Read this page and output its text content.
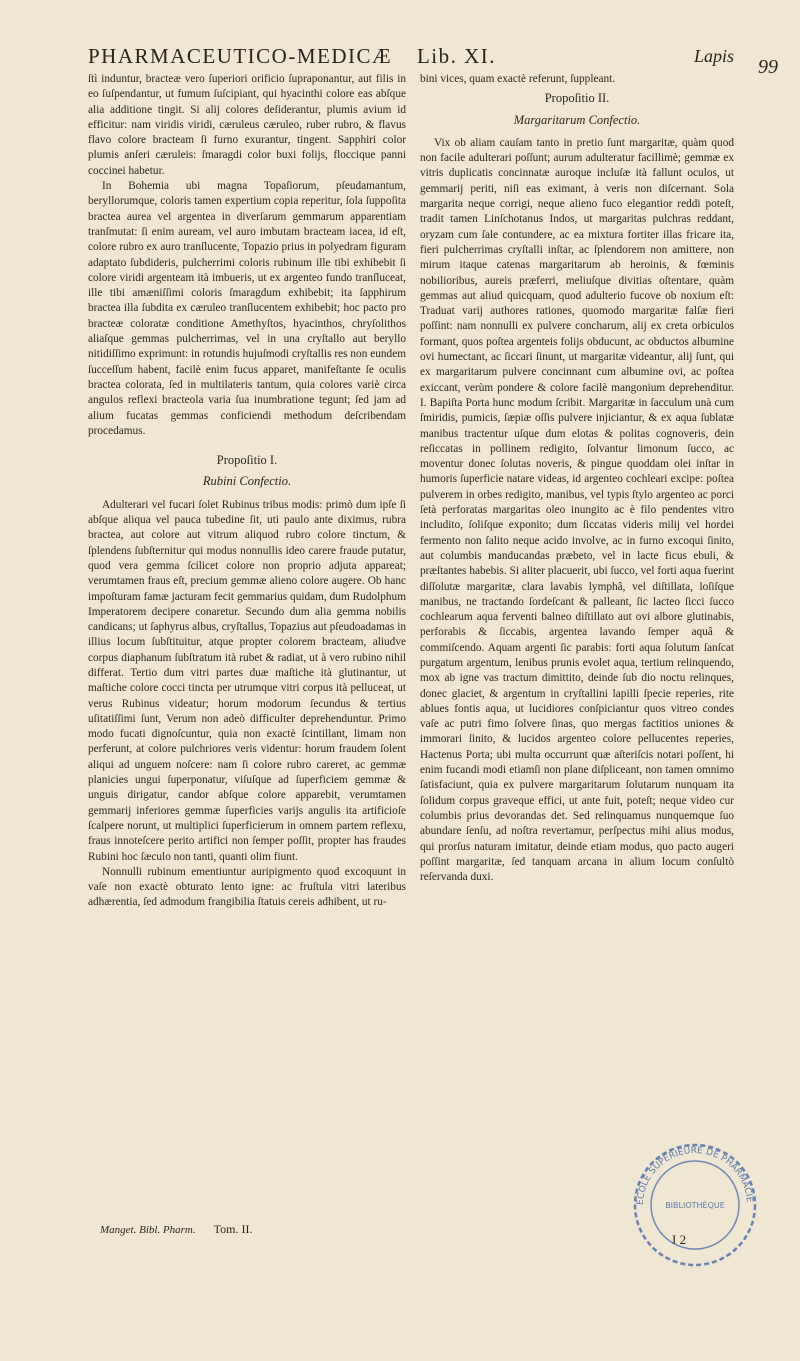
PHARMACEUTICO-MEDICÆ Lib. XI.	Lapis 99

ſtì induntur, bracteæ vero ſuperiori orificio ſupraponantur, aut filis in eo ſuſpendantur, ut fumum ſuſcipiant, qui hyacinthi colore eas abſque alia additione tingit. Si alij colores deſiderantur, plumis avium id efficitur: nam viridis viridi, cæruleus cæruleo, ruber rubro, & flavus flavo colore bracteam ſi furno exurantur, tingent. Sapphiri color plumis anſeri cæruleis: ſmaragdi color buxi folijs, floccique panni coccinei habetur.

In Bohemia ubi magna Topaſiorum, pſeudamantum, beryllorumque, coloris tamen expertium copia reperitur, ſola ſuppoſita bractea aurea vel argentea in diverſarum gemmarum apparentiam tranſmutat: ſi enim auream, vel auro imbutam bracteam iacea, id eſt, colore rubro ex auro tranſlucente, Topazio prius in polyedram figuram adaptato ſubdideris, pulcherrimi coloris rubinum ille tibi exhibebit ſi colore viridi argenteam ità imbueris, ut ex argenteo fundo tranſluceat, ille tibi amæniſſimi coloris ſmaragdum exhibebit; ita ſapphirum bractea illa ſubdita ex cæruleo tranſlucentem exhibebit; hoc pacto pro bracteæ coloratæ conditione Amethyſtos, hyacinthos, chryſolithos aliaſque gemmas pulcherrimas, vel in una cryſtallo aut beryllo nitidiſſimo exprimunt: in rotundis hujuſmodi cryſtallis res non eundem ſucceſſum habent, facilè enim fucus apparet, manifeſtante ſe oculis bractea colorata, ſed in multilateris tantum, quia colores variè circa angulos reflexi bracteola varia ſua inumbratione tegunt; ſed jam ad alium fucatas gemmas conficiendi methodum deſcribendam procedamus.

Propoſitio I.
Rubini Confectio.

Adulterari vel fucari ſolet Rubinus tribus modis: primò dum ipſe ſi abſque aliqua vel pauca tubedine ſit, uti paulo ante diximus, rubra bractea, aut colore aut vitrum aliquod rubro colore tinctum, & ſplendens ſubſternitur qui modus nonnullis ideo carere fraude putatur, quod vera gemma ſcilicet colore non proprio adjuta appareat; verumtamen fraus eſt, precium gemmæ alieno colore augere. Ob hanc impoſturam famæ jacturam fecit gemmarius quidam, dum Rudolphum Imperatorem decipere conaretur. Secundo dum alia gemma nobilis candicans; ut ſaphyrus albus, cryſtallus, Topazius aut pſeudoadamas in illius locum ſubſtituitur, atque propter colorem bracteam, aliudve corpus diaphanum ſubſtratum ità rubet & radiat, ut à vero rubino nihil differat. Tertio dum vitri partes duæ maſtiche ità glutinantur, ut maſtiche colore cocci tincta per utrumque vitri corpus ità pelluceat, ut verus Rubinus videatur; horum modorum ſecundus & tertius uſitatiſſimi ſunt, Verum non adeò difficulter deprehenduntur. Primo modo fucati dignoſcuntur, quia non exactè ſcintillant, limam non perferunt, at colore pulchriores veris videntur: horum fraudem ſolent aliqui ad unguem noſcere: nam ſi colore rubro careret, ac gemmæ planicies ungui ſuperponatur, viſuſque ad ſuperficiem gemmæ & unguis dirigatur, candor abſque colore apparebit, verumtamen gemmarij inferiores gemmæ ſuperficies varijs angulis ita artificioſe ſcalpere norunt, ut multiplici ſuperficierum in omnem partem reflexu, fraus innoteſcere perito artifici non ſemper poſſit, propter has fraudes Rubini hoc ſæculo non tanti, quanti olim fiunt.

Nonnulli rubinum ementiuntur auripigmento quod excoquunt in vaſe non exactè obturato lento igne: ac fruſtula vitri lateribus adhærentia, ſed admodum frangibilia ſtatuis cereis adhibent, ut ru-

bini vices, quam exactè referunt, ſuppleant.

Propoſitio II.
Margaritarum Confectio.

Vix ob aliam cauſam tanto in pretio ſunt margaritæ, quàm quod non facile adulterari poſſunt; aurum adulteratur facillimè; gemmæ ex vitris duplicatis concinnatæ auroque incluſæ ità fallunt oculos, ut gemmarij periti, niſi eas eximant, à veris non diſcernant. Sola margarita neque corrigi, neque alieno fuco elegantior reddi poteſt, tradit tamen Linſchotanus Indos, ut margaritas pulchras reddant, oryzam cum ſale contundere, ac ea mixtura fortiter illas fricare ita, fieri pulcherrimas cryſtalli inſtar, ac ſplendorem non amittere, non mirum itaque catenas margaritarum ab heroinis, & fœminis nobilioribus, aureis præferri, meliuſque divitias oſtentare, quàm gemmas aut aliud quicquam, quod adulterio fucove ob noxium eſt: Traduat varij authores rationes, quomodo margaritæ falſæ fieri poſſint: nam nonnulli ex pulvere concharum, alij ex creta orbiculos formant, quos poſtea argenteis folijs obducunt, ac obductos albumine ovi humectant, ac ſiccari ſinunt, ut margaritæ videantur, alij ſunt, qui ex margaritarum pulvere concinnant cum albumine ovi, ac poſtea exiccant, verùm pondere & colore facilè mangonium deprehenditur. I. Bapiſta Porta hunc modum ſcribit. Margaritæ in ſacculum unà cum ſmiridis, pumicis, ſæpiæ oſſis pulvere injiciantur, & ex aqua ſublatæ manibus tractentur uſque dum elotas & politas cognoveris, dein reſiccatas in pollinem redigito, ſolvantur limonum ſucco, ac moventur donec ſolutas noveris, & pingue quoddam olei inſtar in humoris ſuperficie natare videas, id argenteo cochleari excipe: poſtea pulverem in orbes redigito, manibus, vel typis ſtylo argenteo ac porci ſetà perforatas margaritas oleo inungito ac è filo pendentes vitro includito, ſoliſque exponito; dum ſiccatas videris milij vel hordei fermento non ſalito neque acido involve, ac in furno excoqui ſinito, aut columbis manducandas præbeto, vel in lacte ficus ebuli, & præſtantes habebis. Si aliter placuerit, ubi ſucco, vel forti aqua fuerint diſſolutæ margaritæ, clara lavabis lymphâ, vel diſtillata, loſiſque manibus, ne tractando ſordeſcant & palleant, ſic lacteo ſicci ſucco cochlearum aqua ferventi balneo diſtillato aut ovi albore glutinabis, perforabis & ſiccabis, argentea lavando ſemper aquâ & commiſcendo. Aquam argenti ſic parabis: forti aqua ſolutum ſanſcat purgatum argentum, lenibus prunis evolet aqua, tertium relinquendo, mox ab igne vas tractum dimittito, deinde ſub dio noctu relinques, donec glaciet, & argentum in cryſtallini lapilli ſpecie reperies, rite ablues fontis aqua, ut lucidiores conſpiciantur quos vitreo condes vaſe ac putri fimo ſolvere ſinas, quo mergas factitios uniones & immorari ſinito, & lucidos argenteo colore pellucentes reperies, Hactenus Porta; ubi multa occurrunt quæ aſteriſcis notari poſſent, hi enim fucandi modi etiamſi non plane diſpliceant, non tamen omnimo ſatisfaciunt, quia ex pulvere margaritarum ſolutarum nunquam ita ſolidum corpus graveque effici, ut ante fuit, poteſt; neque video cur columbis prius devorandas det. Sed relinquamus nunquemque ſuo abundare ſenſu, ad noſtra revertamur, perſpectus mihi alius modus, qui prorſus naturam imitatur, deinde etiam modus, quo pacto augeri poſſint margaritæ, ſed tanquam arcana in alium locum conſultò reſervanda duxi.

Manget. Bibl. Pharm. Tom. II.
I 2
ECOLE SUPÉRIEURE DE PHARMACIE
BIBLIOTHÈQUE
